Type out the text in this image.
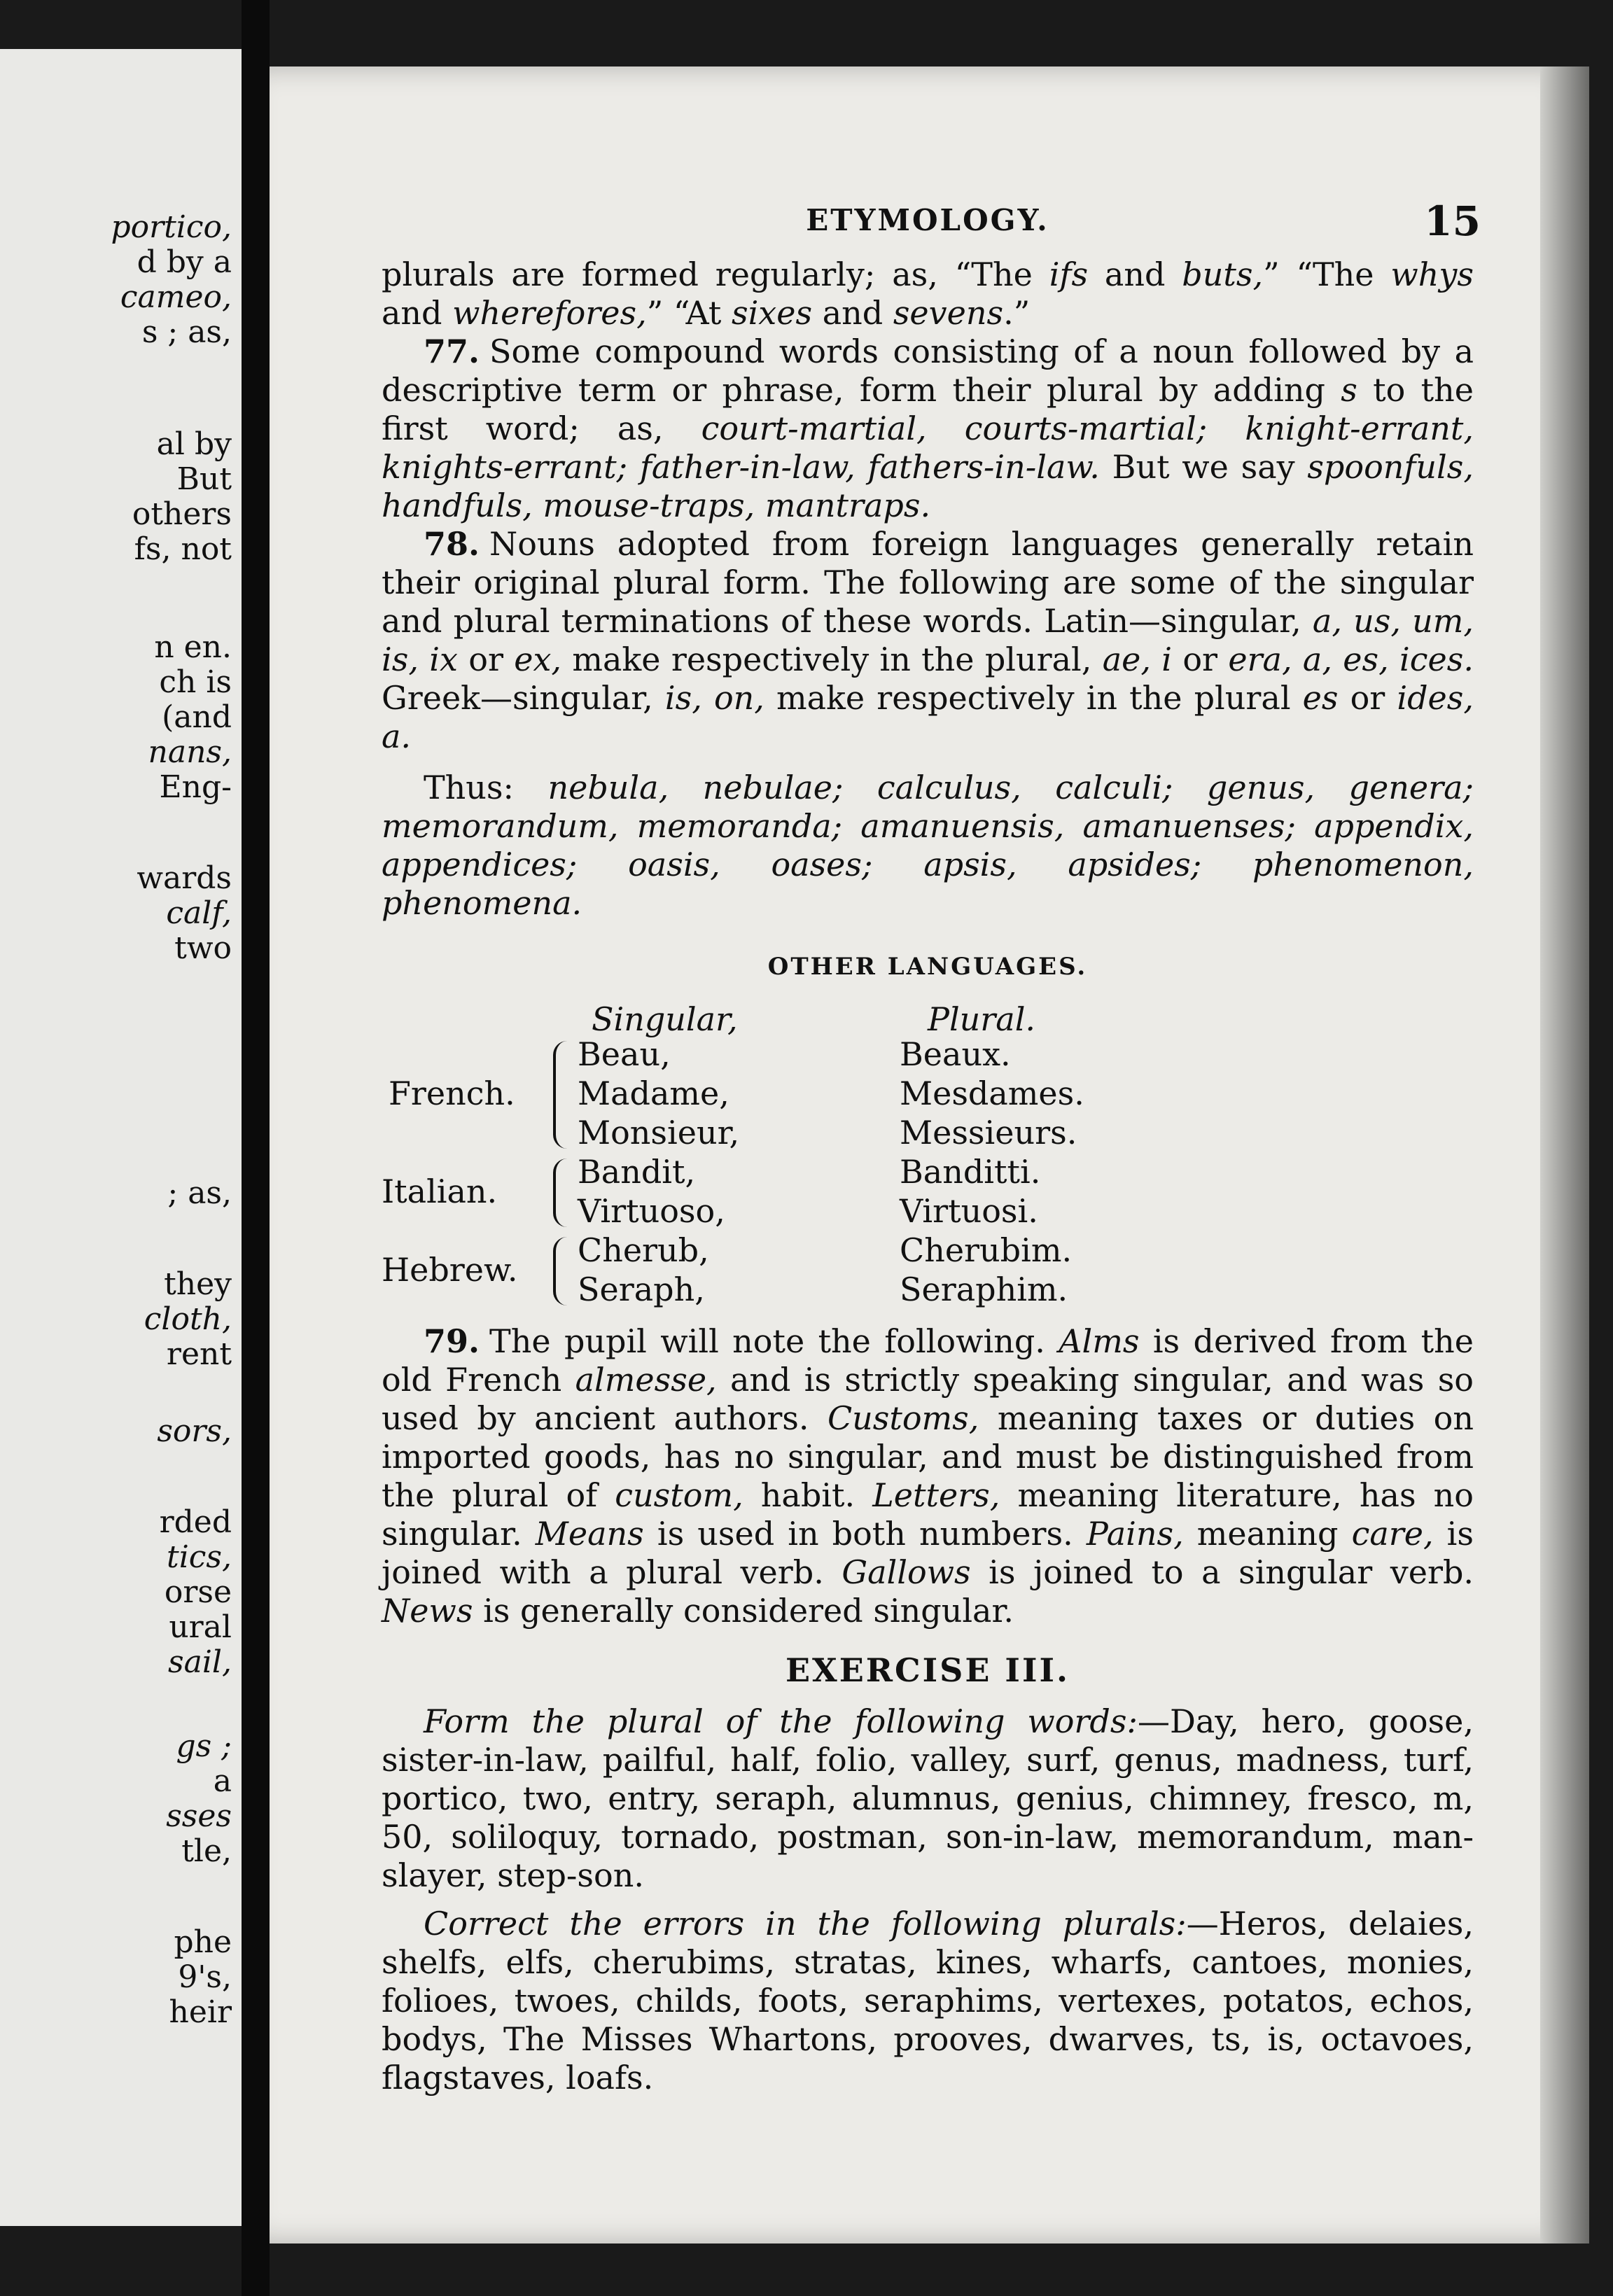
portico,
d by a
cameo,
s ; as,
al by
But
others
fs, not
n en.
ch is
(and
nans,
Eng-
wards
calf,
two
; as,
they
cloth,
rent
sors,
rded
tics,
orse
ural
sail,
gs ;
a
sses
tle,
phe
9's,
heir
ETYMOLOGY.	15

plurals are formed regularly; as, “The ifs and buts,” “The whys and wherefores,” “At sixes and sevens.”

77. Some compound words consisting of a noun followed by a descriptive term or phrase, form their plural by adding s to the first word; as, court-martial, courts-martial; knight-errant, knights-errant; father-in-law, fathers-in-law. But we say spoonfuls, handfuls, mouse-traps, mantraps.

78. Nouns adopted from foreign languages generally retain their original plural form. The following are some of the singular and plural terminations of these words. Latin—singular, a, us, um, is, ix or ex, make respectively in the plural, ae, i or era, a, es, ices. Greek—singular, is, on, make respectively in the plural es or ides, a.

Thus: nebula, nebulae; calculus, calculi; genus, genera; memorandum, memoranda; amanuensis, amanuenses; appendix, appendices; oasis, oases; apsis, apsides; phenomenon, phenomena.

OTHER LANGUAGES.
Singular,	Plural.
French.
Beau,	Beaux.
Madame,	Mesdames.
Monsieur,	Messieurs.
Italian.
Bandit,	Banditti.
Virtuoso,	Virtuosi.
Hebrew.
Cherub,	Cherubim.
Seraph,	Seraphim.

79. The pupil will note the following. Alms is derived from the old French almesse, and is strictly speaking singular, and was so used by ancient authors. Customs, meaning taxes or duties on imported goods, has no singular, and must be distinguished from the plural of custom, habit. Letters, meaning literature, has no singular. Means is used in both numbers. Pains, meaning care, is joined with a plural verb. Gallows is joined to a singular verb. News is generally considered singular.

EXERCISE III.

Form the plural of the following words:—Day, hero, goose, sister-in-law, pailful, half, folio, valley, surf, genus, madness, turf, portico, two, entry, seraph, alumnus, genius, chimney, fresco, m, 50, soliloquy, tornado, postman, son-in-law, memorandum, man-slayer, step-son.

Correct the errors in the following plurals:—Heros, delaies, shelfs, elfs, cherubims, stratas, kines, wharfs, cantoes, monies, folioes, twoes, childs, foots, seraphims, vertexes, potatos, echos, bodys, The Misses Whartons, prooves, dwarves, ts, is, octavoes, flagstaves, loafs.
